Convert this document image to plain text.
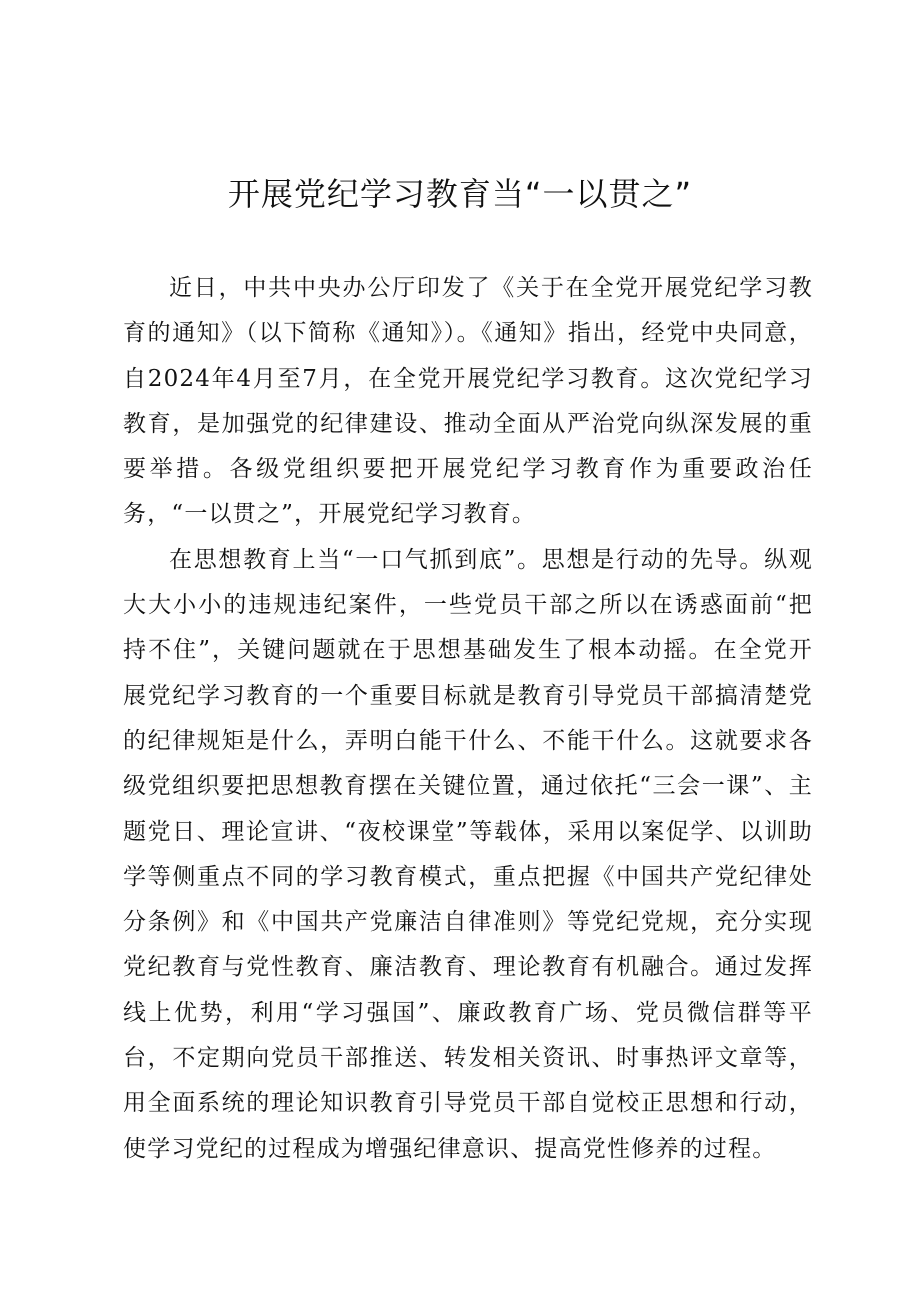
开展党纪学习教育当“一以贯之”

近日，中共中央办公厅印发了《关于在全党开展党纪学习教育的通知》（以下简称《通知》）。《通知》指出，经党中央同意，自2024年4月至7月，在全党开展党纪学习教育。这次党纪学习教育，是加强党的纪律建设、推动全面从严治党向纵深发展的重要举措。各级党组织要把开展党纪学习教育作为重要政治任务，“一以贯之”，开展党纪学习教育。

在思想教育上当“一口气抓到底”。思想是行动的先导。纵观大大小小的违规违纪案件，一些党员干部之所以在诱惑面前“把持不住”，关键问题就在于思想基础发生了根本动摇。在全党开展党纪学习教育的一个重要目标就是教育引导党员干部搞清楚党的纪律规矩是什么，弄明白能干什么、不能干什么。这就要求各级党组织要把思想教育摆在关键位置，通过依托“三会一课”、主题党日、理论宣讲、“夜校课堂”等载体，采用以案促学、以训助学等侧重点不同的学习教育模式，重点把握《中国共产党纪律处分条例》和《中国共产党廉洁自律准则》等党纪党规，充分实现党纪教育与党性教育、廉洁教育、理论教育有机融合。通过发挥线上优势，利用“学习强国”、廉政教育广场、党员微信群等平台，不定期向党员干部推送、转发相关资讯、时事热评文章等，用全面系统的理论知识教育引导党员干部自觉校正思想和行动，使学习党纪的过程成为增强纪律意识、提高党性修养的过程。
